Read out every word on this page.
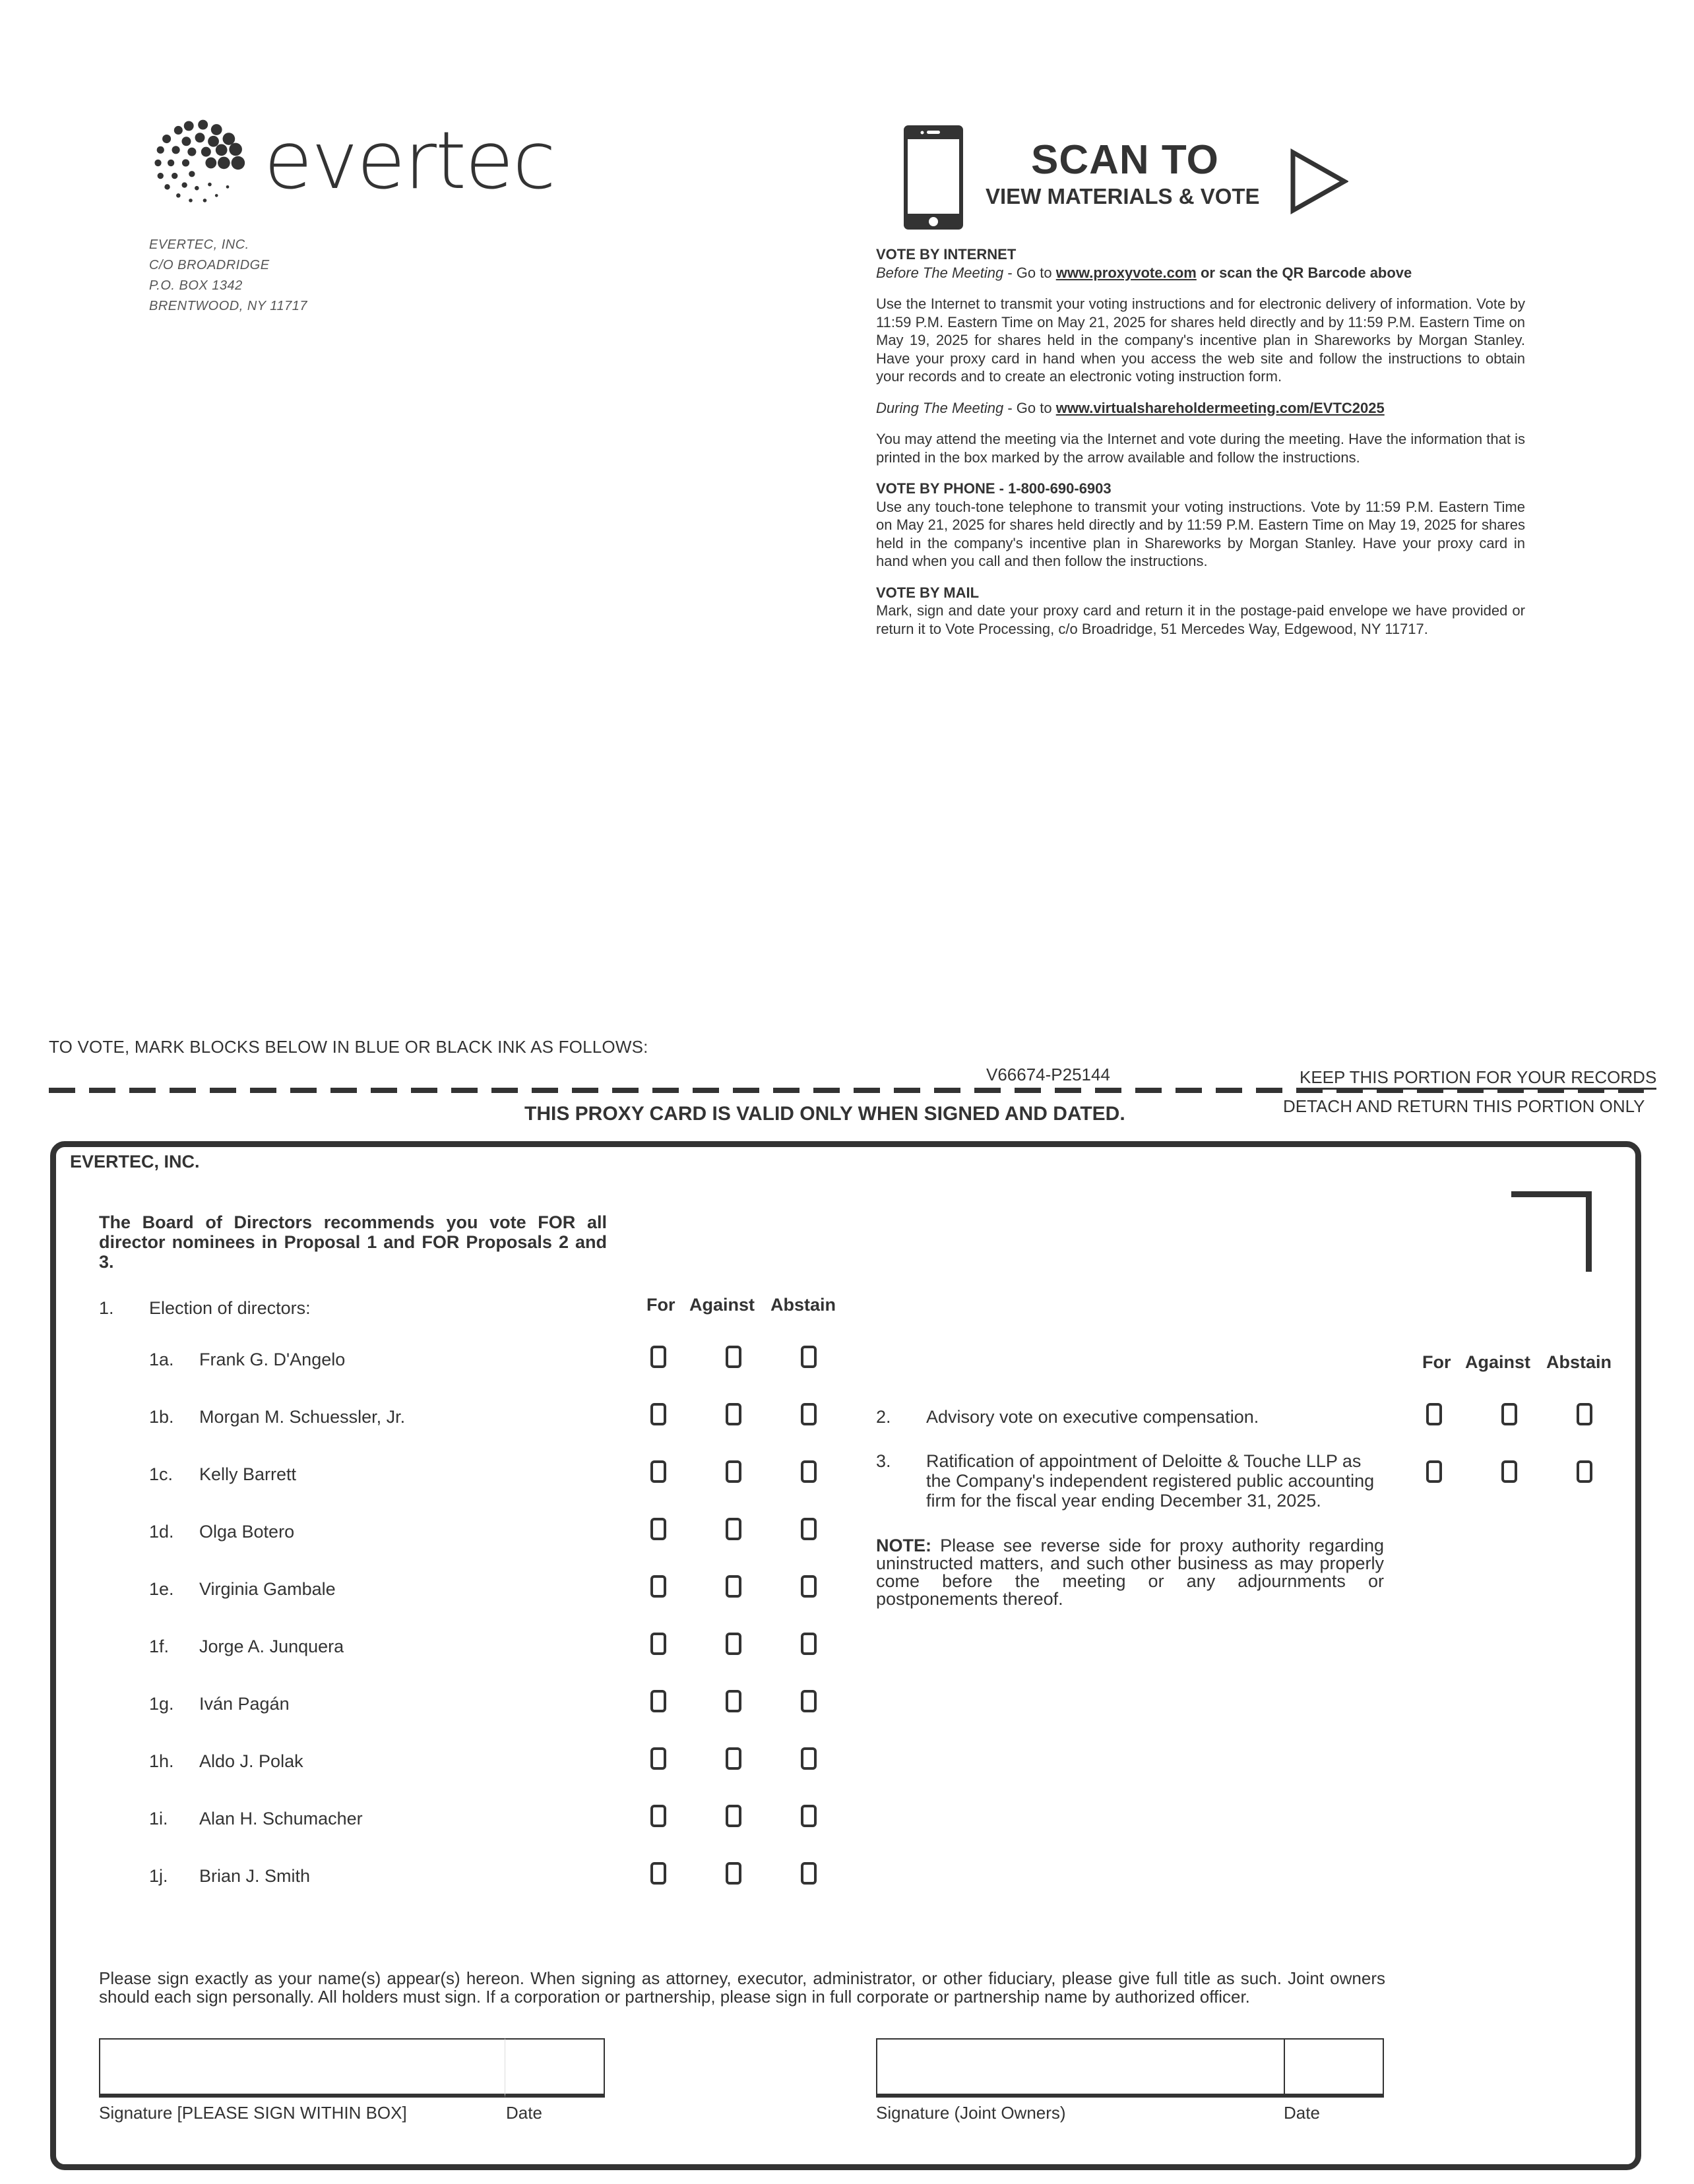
evertec
EVERTEC, INC.
C/O BROADRIDGE
P.O. BOX 1342
BRENTWOOD, NY 11717
SCAN TO
VIEW MATERIALS & VOTE
VOTE BY INTERNET
Before The Meeting - Go to www.proxyvote.com or scan the QR Barcode above
Use the Internet to transmit your voting instructions and for electronic delivery of information. Vote by 11:59 P.M. Eastern Time on May 21, 2025 for shares held directly and by 11:59 P.M. Eastern Time on May 19, 2025 for shares held in the company's incentive plan in Shareworks by Morgan Stanley. Have your proxy card in hand when you access the web site and follow the instructions to obtain your records and to create an electronic voting instruction form.
During The Meeting - Go to www.virtualshareholdermeeting.com/EVTC2025
You may attend the meeting via the Internet and vote during the meeting. Have the information that is printed in the box marked by the arrow available and follow the instructions.
VOTE BY PHONE - 1-800-690-6903
Use any touch-tone telephone to transmit your voting instructions. Vote by 11:59 P.M. Eastern Time on May 21, 2025 for shares held directly and by 11:59 P.M. Eastern Time on May 19, 2025 for shares held in the company's incentive plan in Shareworks by Morgan Stanley. Have your proxy card in hand when you call and then follow the instructions.
VOTE BY MAIL
Mark, sign and date your proxy card and return it in the postage-paid envelope we have provided or return it to Vote Processing, c/o Broadridge, 51 Mercedes Way, Edgewood, NY 11717.
TO VOTE, MARK BLOCKS BELOW IN BLUE OR BLACK INK AS FOLLOWS:
V66674-P25144	KEEP THIS PORTION FOR YOUR RECORDS
DETACH AND RETURN THIS PORTION ONLY
THIS PROXY CARD IS VALID ONLY WHEN SIGNED AND DATED.
EVERTEC, INC.
The Board of Directors recommends you vote FOR all director nominees in Proposal 1 and FOR Proposals 2 and 3.
1. Election of directors:	For Against Abstain
1a. Frank G. D'Angelo
1b. Morgan M. Schuessler, Jr.
1c. Kelly Barrett
1d. Olga Botero
1e. Virginia Gambale
1f. Jorge A. Junquera
1g. Iván Pagán
1h. Aldo J. Polak
1i. Alan H. Schumacher
1j. Brian J. Smith
For Against Abstain
2. Advisory vote on executive compensation.
3. Ratification of appointment of Deloitte & Touche LLP as the Company's independent registered public accounting firm for the fiscal year ending December 31, 2025.
NOTE: Please see reverse side for proxy authority regarding uninstructed matters, and such other business as may properly come before the meeting or any adjournments or postponements thereof.
Please sign exactly as your name(s) appear(s) hereon. When signing as attorney, executor, administrator, or other fiduciary, please give full title as such. Joint owners should each sign personally. All holders must sign. If a corporation or partnership, please sign in full corporate or partnership name by authorized officer.
Signature [PLEASE SIGN WITHIN BOX]	Date	Signature (Joint Owners)	Date
